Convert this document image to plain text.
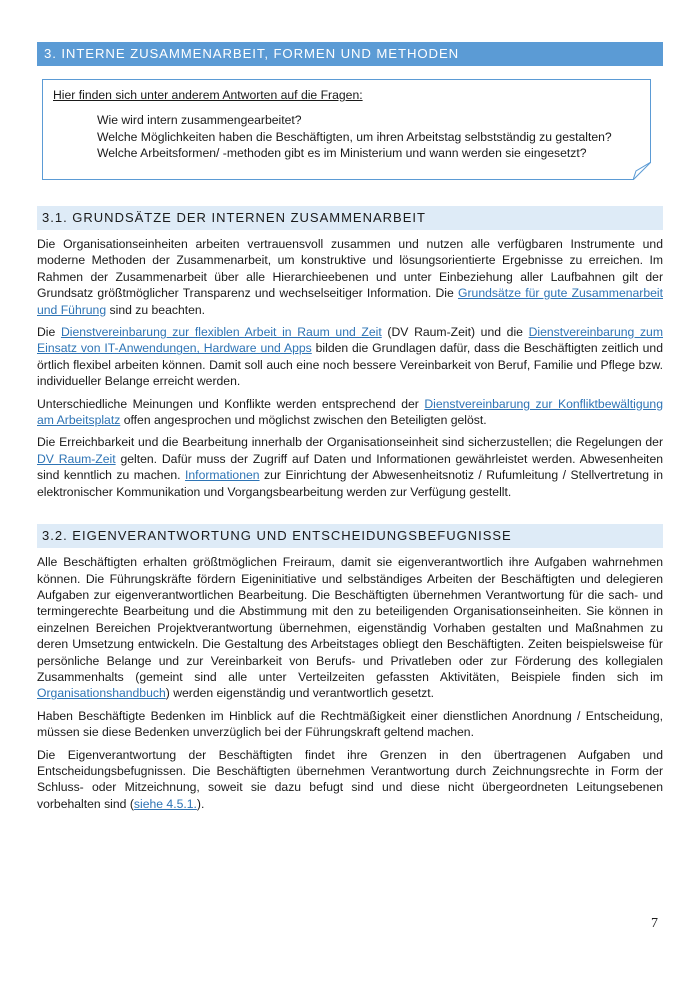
3. INTERNE ZUSAMMENARBEIT, FORMEN UND METHODEN
Hier finden sich unter anderem Antworten auf die Fragen:
Wie wird intern zusammengearbeitet?
Welche Möglichkeiten haben die Beschäftigten, um ihren Arbeitstag selbstständig zu gestalten?
Welche Arbeitsformen/ -methoden gibt es im Ministerium und wann werden sie eingesetzt?
3.1. GRUNDSÄTZE DER INTERNEN ZUSAMMENARBEIT

Die Organisationseinheiten arbeiten vertrauensvoll zusammen und nutzen alle verfügbaren Instrumente und moderne Methoden der Zusammenarbeit, um konstruktive und lösungsorientierte Ergebnisse zu erreichen. Im Rahmen der Zusammenarbeit über alle Hierarchieebenen und unter Einbeziehung aller Laufbahnen gilt der Grundsatz größtmöglicher Transparenz und wechselseitiger Information. Die Grundsätze für gute Zusammenarbeit und Führung sind zu beachten.

Die Dienstvereinbarung zur flexiblen Arbeit in Raum und Zeit (DV Raum-Zeit) und die Dienstvereinbarung zum Einsatz von IT-Anwendungen, Hardware und Apps bilden die Grundlagen dafür, dass die Beschäftigten zeitlich und örtlich flexibel arbeiten können. Damit soll auch eine noch bessere Vereinbarkeit von Beruf, Familie und Pflege bzw. individueller Belange erreicht werden.

Unterschiedliche Meinungen und Konflikte werden entsprechend der Dienstvereinbarung zur Konfliktbewältigung am Arbeitsplatz offen angesprochen und möglichst zwischen den Beteiligten gelöst.

Die Erreichbarkeit und die Bearbeitung innerhalb der Organisationseinheit sind sicherzustellen; die Regelungen der DV Raum-Zeit gelten. Dafür muss der Zugriff auf Daten und Informationen gewährleistet werden. Abwesenheiten sind kenntlich zu machen. Informationen zur Einrichtung der Abwesenheitsnotiz / Rufumleitung / Stellvertretung in elektronischer Kommunikation und Vorgangsbearbeitung werden zur Verfügung gestellt.

3.2. EIGENVERANTWORTUNG UND ENTSCHEIDUNGSBEFUGNISSE

Alle Beschäftigten erhalten größtmöglichen Freiraum, damit sie eigenverantwortlich ihre Aufgaben wahrnehmen können. Die Führungskräfte fördern Eigeninitiative und selbständiges Arbeiten der Beschäftigten und delegieren Aufgaben zur eigenverantwortlichen Bearbeitung. Die Beschäftigten übernehmen Verantwortung für die sach- und termingerechte Bearbeitung und die Abstimmung mit den zu beteiligenden Organisationseinheiten. Sie können in einzelnen Bereichen Projektverantwortung übernehmen, eigenständig Vorhaben gestalten und Maßnahmen zu deren Umsetzung entwickeln. Die Gestaltung des Arbeitstages obliegt den Beschäftigten. Zeiten beispielsweise für persönliche Belange und zur Vereinbarkeit von Berufs- und Privatleben oder zur Förderung des kollegialen Zusammenhalts (gemeint sind alle unter Verteilzeiten gefassten Aktivitäten, Beispiele finden sich im Organisationshandbuch) werden eigenständig und verantwortlich gesetzt.

Haben Beschäftigte Bedenken im Hinblick auf die Rechtmäßigkeit einer dienstlichen Anordnung / Entscheidung, müssen sie diese Bedenken unverzüglich bei der Führungskraft geltend machen.

Die Eigenverantwortung der Beschäftigten findet ihre Grenzen in den übertragenen Aufgaben und Entscheidungsbefugnissen. Die Beschäftigten übernehmen Verantwortung durch Zeichnungsrechte in Form der Schluss- oder Mitzeichnung, soweit sie dazu befugt sind und diese nicht übergeordneten Leitungsebenen vorbehalten sind (siehe 4.5.1.).

7
